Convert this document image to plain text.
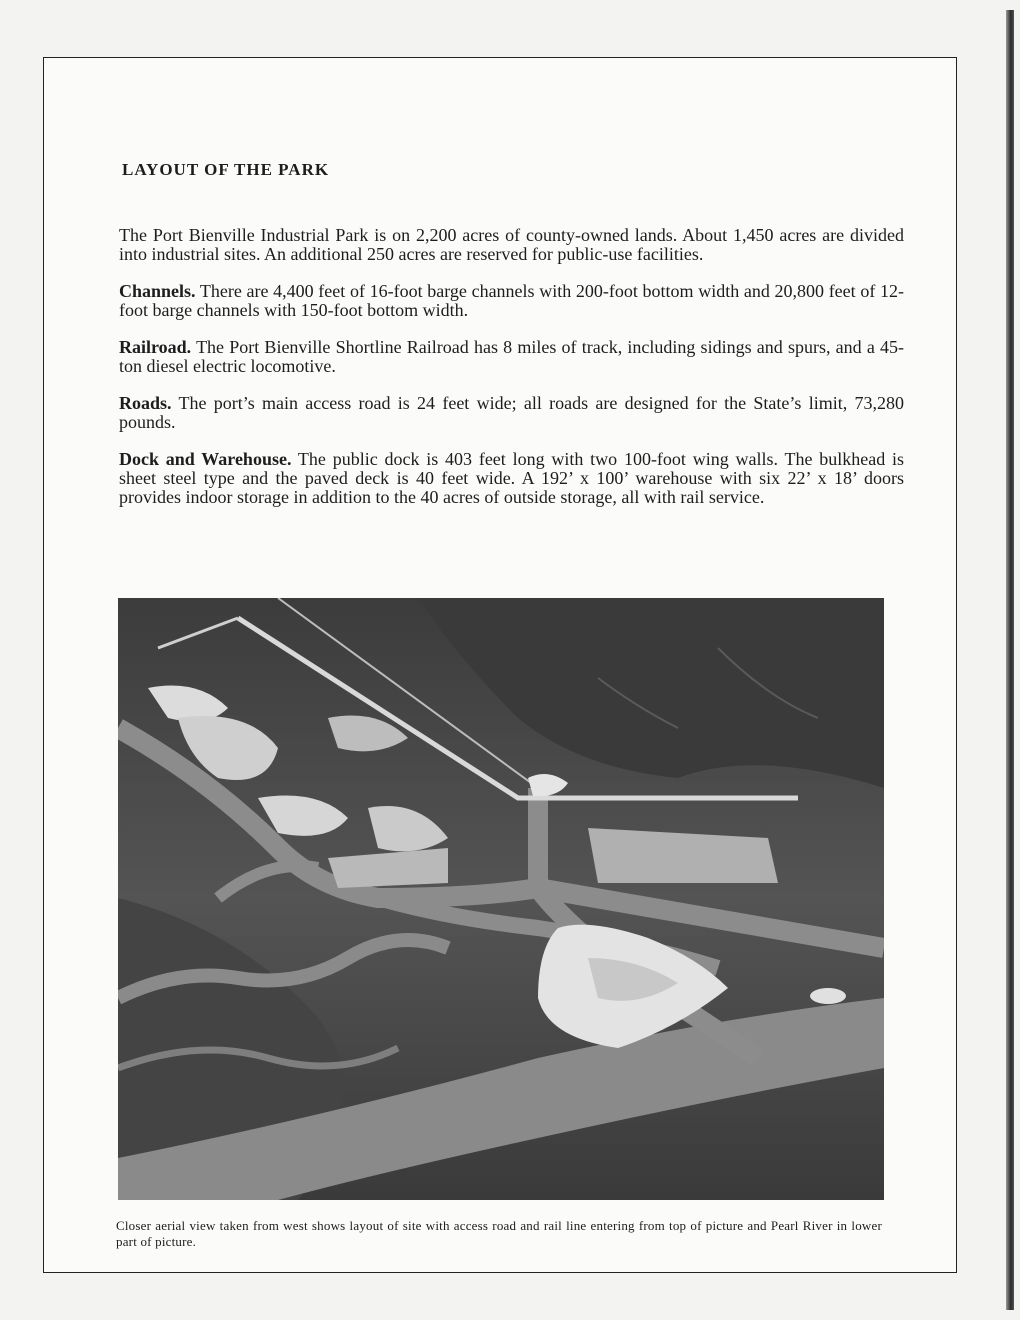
LAYOUT OF THE PARK

The Port Bienville Industrial Park is on 2,200 acres of county-owned lands. About 1,450 acres are divided into industrial sites. An additional 250 acres are reserved for public-use facilities.

Channels. There are 4,400 feet of 16-foot barge channels with 200-foot bottom width and 20,800 feet of 12-foot barge channels with 150-foot bottom width.

Railroad. The Port Bienville Shortline Railroad has 8 miles of track, including sidings and spurs, and a 45-ton diesel electric locomotive.

Roads. The port’s main access road is 24 feet wide; all roads are designed for the State’s limit, 73,280 pounds.

Dock and Warehouse. The public dock is 403 feet long with two 100-foot wing walls. The bulkhead is sheet steel type and the paved deck is 40 feet wide. A 192’ x 100’ warehouse with six 22’ x 18’ doors provides indoor storage in addition to the 40 acres of outside storage, all with rail service.

Closer aerial view taken from west shows layout of site with access road and rail line entering from top of picture and Pearl River in lower part of picture.
